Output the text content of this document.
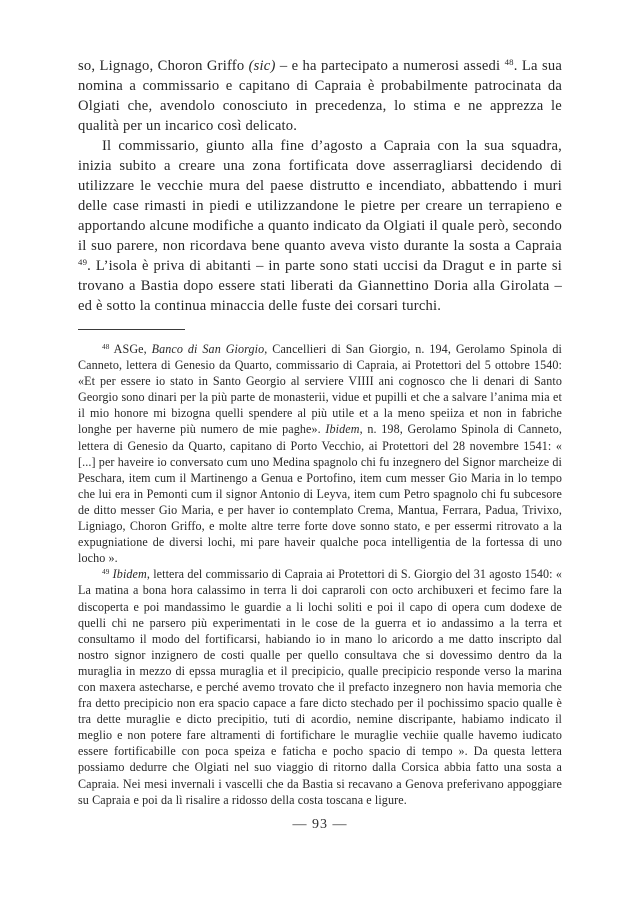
so, Lignago, Choron Griffo (sic) – e ha partecipato a numerosi assedi $^{48}$. La sua nomina a commissario e capitano di Capraia è probabilmente patrocinata da Olgiati che, avendolo conosciuto in precedenza, lo stima e ne apprezza le qualità per un incarico così delicato.

Il commissario, giunto alla fine d’agosto a Capraia con la sua squadra, inizia subito a creare una zona fortificata dove asserragliarsi decidendo di utilizzare le vecchie mura del paese distrutto e incendiato, abbattendo i muri delle case rimasti in piedi e utilizzandone le pietre per creare un terrapieno e apportando alcune modifiche a quanto indicato da Olgiati il quale però, secondo il suo parere, non ricordava bene quanto aveva visto durante la sosta a Capraia $^{49}$. L’isola è priva di abitanti – in parte sono stati uccisi da Dragut e in parte si trovano a Bastia dopo essere stati liberati da Giannettino Doria alla Girolata – ed è sotto la continua minaccia delle fuste dei corsari turchi.

$^{48}$ ASGe, Banco di San Giorgio, Cancellieri di San Giorgio, n. 194, Gerolamo Spinola di Canneto, lettera di Genesio da Quarto, commissario di Capraia, ai Protettori del 5 ottobre 1540: «Et per essere io stato in Santo Georgio al serviere VIIII ani cognosco che li denari di Santo Georgio sono dinari per la più parte de monasterii, vidue et pupilli et che a salvare l’anima mia et il mio honore mi bizogna quelli spendere al più utile et a la meno speiiza et non in fabriche longhe per haverne più numero de mie paghe». Ibidem, n. 198, Gerolamo Spinola di Canneto, lettera di Genesio da Quarto, capitano di Porto Vecchio, ai Protettori del 28 novembre 1541: « [...] per haveire io conversato cum uno Medina spagnolo chi fu inzegnero del Signor marcheize di Peschara, item cum il Martinengo a Genua e Portofino, item cum messer Gio Maria in lo tempo che lui era in Pemonti cum il signor Antonio di Leyva, item cum Petro spagnolo chi fu subcesore de ditto messer Gio Maria, e per haver io contemplato Crema, Mantua, Ferrara, Padua, Trivixo, Ligniago, Choron Griffo, e molte altre terre forte dove sonno stato, e per essermi ritrovato a la expugniatione de diversi lochi, mi pare haveir qualche poca intelligentia de la fortessa di uno locho ».

$^{49}$ Ibidem, lettera del commissario di Capraia ai Protettori di S. Giorgio del 31 agosto 1540: « La matina a bona hora calassimo in terra li doi capraroli con octo archibuxeri et fecimo fare la discoperta e poi mandassimo le guardie a li lochi soliti e poi il capo di opera cum dodexe de quelli chi ne parsero più experimentati in le cose de la guerra et io andassimo a la terra et consultamo il modo del fortificarsi, habiando io in mano lo aricordo a me datto inscripto dal nostro signor inzignero de costi qualle per quello consultava che si dovessimo dentro da la muraglia in mezzo di epssa muraglia et il precipicio, qualle precipicio responde verso la marina con maxera astecharse, e perché avemo trovato che il prefacto inzegnero non havia memoria che fra detto precipicio non era spacio capace a fare dicto stechado per il pochissimo spacio qualle è tra dette muraglie e dicto precipitio, tuti di acordio, nemine discripante, habiamo indicato il meglio e non potere fare altramenti di fortifichare le muraglie vechiie qualle havemo iudicato essere fortificabille con poca speiza e faticha e pocho spacio di tempo ». Da questa lettera possiamo dedurre che Olgiati nel suo viaggio di ritorno dalla Corsica abbia fatto una sosta a Capraia. Nei mesi invernali i vascelli che da Bastia si recavano a Genova preferivano appoggiare su Capraia e poi da lì risalire a ridosso della costa toscana e ligure.

— 93 —
